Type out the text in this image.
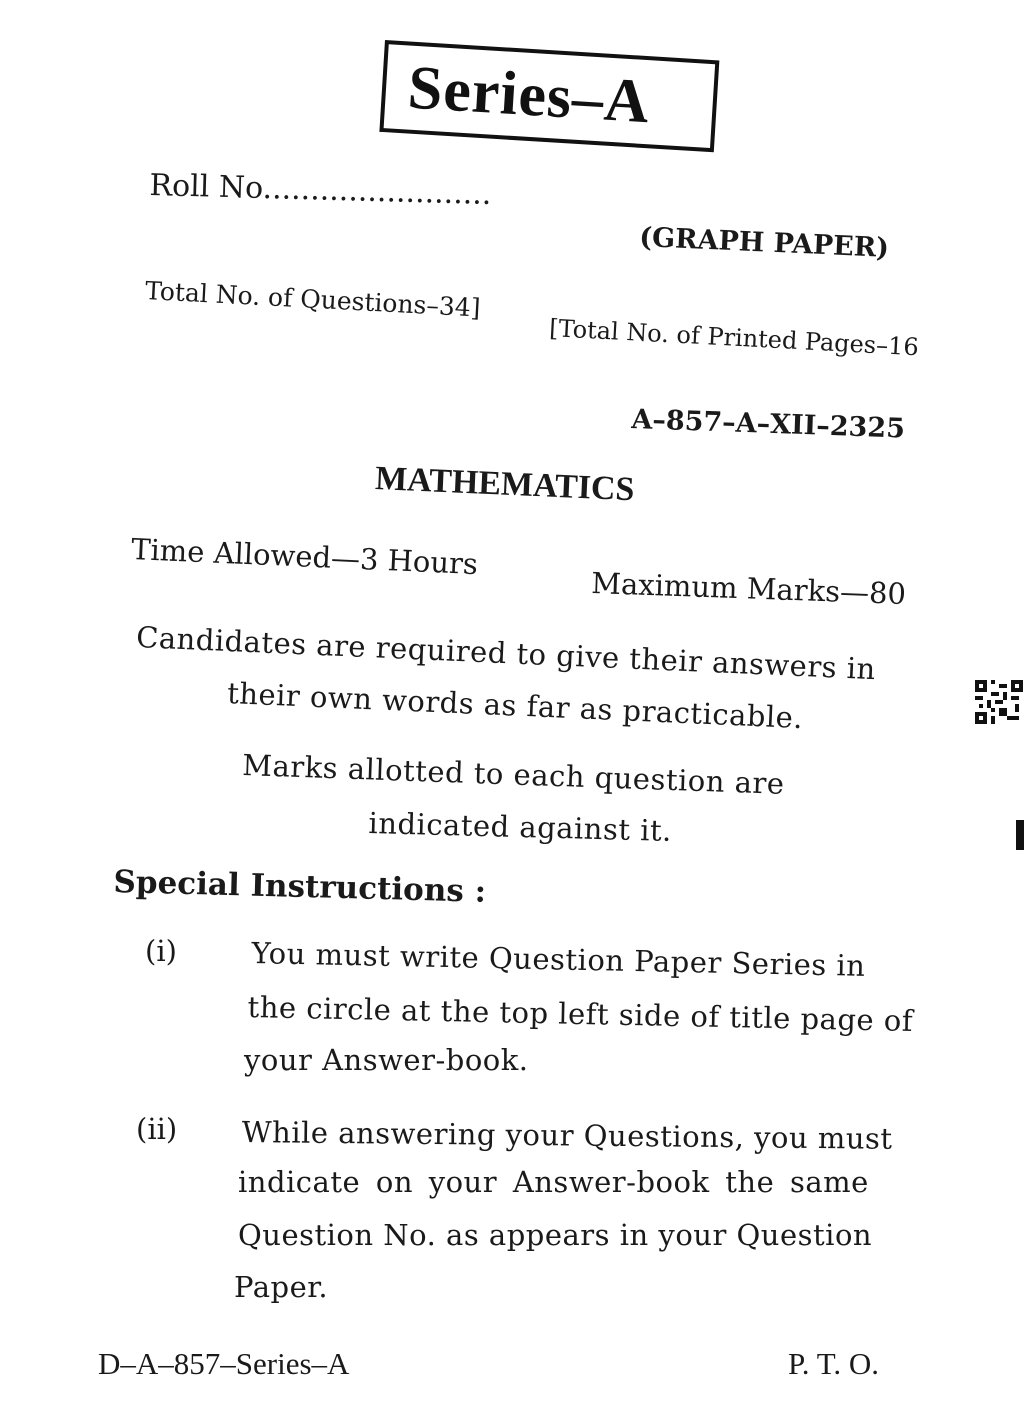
Series–A
Roll No........................
(GRAPH PAPER)
Total No. of Questions–34]
[Total No. of Printed Pages–16
A–857–A–XII–2325
MATHEMATICS
Time Allowed—3 Hours
Maximum Marks—80
Candidates are required to give their answers in
their own words as far as practicable.
Marks allotted to each question are
indicated against it.
Special Instructions :
(i)	You must write Question Paper Series in
the circle at the top left side of title page of
your Answer-book.
(ii) While answering your Questions, you must
indicate on your Answer-book the same
Question No. as appears in your Question
Paper.
D–A–857–Series–A	P. T. O.
